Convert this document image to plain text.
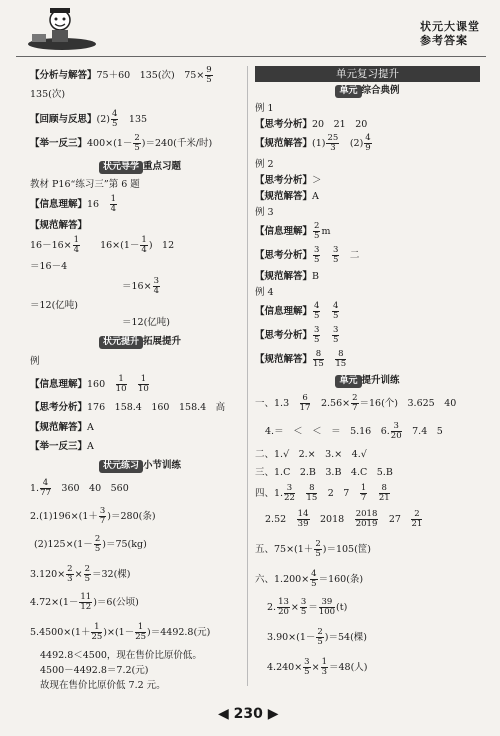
状元大课堂
参考答案
【分析与解答】75＋60　135(次)　$75\times \frac{9}{5}$
135(次)
【回顾与反思】$(2) \frac{4}{5}$
　 135
【举一反三】$400\times(1- \frac{2}{5} )=240$(千米/时)
状元导学 重点习题
教材 P16“练习三”第 6 题
【信息理解】16　 $\frac{1}{4}$
【规范解答】
$16-16\times \frac{1}{4}$
　　 $16\times(1- \frac{1}{4}$ )　12
＝16－4
$=16\times \frac{3}{4}$
＝12(亿吨)
＝12(亿吨)
状元提升 拓展提升
例
【信息理解】160　 $\frac{1}{10}$
　 $\frac{1}{10}$
【思考分析】176　158.4　160　158.4　高
【规范解答】A
【举一反三】A
状元练习 小节训练
1. $\frac{4}{77}$
　 360　40　560
$2.(1)196\times(1+ \frac{3}{7} )=280$(条)
$(2)125\times(1- \frac{2}{5} )=75(kg)$
$3.120\times \frac{2}{3} \times \frac{2}{5} =32$(棵)
$4.72\times(1- \frac{11}{12} )=6$(公顷)
$5.4500\times(1+ \frac{1}{25} )\times(1- \frac{1}{25} )=4492.8$(元)
4492.8＜4500，现在售价比原价低。
4500－4492.8＝7.2(元)
故现在售价比原价低 7.2 元。
单元复习提升
单元 综合典例
例 1
【思考分析】20　21　20
【规范解答】$(1) \frac{25}{3}$
　 $(2) \frac{4}{9}$
例 2
【思考分析】＞
【规范解答】A
例 3
【信息理解】 $\frac{2}{5}$ m
【思考分析】 $\frac{3}{5}$
　 $\frac{3}{5}$
　 二
【规范解答】B
例 4
【信息理解】 $\frac{4}{5}$
　 $\frac{4}{5}$
【思考分析】 $\frac{3}{5}$
　 $\frac{3}{5}$
【规范解答】 $\frac{8}{15}$
　 $\frac{8}{15}$
单元 提升训练
一、1.3　 $\frac{6}{17}$
　 $2.56\times \frac{2}{7} =16$(个)　3.625　40
4.＝　＜　＜　＝　5.16　6. $\frac{3}{20}$
　 7.4　5
二、1.√　2.×　3.×　4.√
三、1.C　2.B　3.B　4.C　5.B
四、1. $\frac{3}{22}$
　 $\frac{8}{15}$
　 2　7　 $\frac{1}{7}$
　 $\frac{8}{21}$
2.52　 $\frac{14}{39}$
　 2018　 $\frac{2018}{2019}$
　 27　 $\frac{2}{21}$
五、$75\times(1+ \frac{2}{5} )=105$(筐)
六、$1.200\times \frac{4}{5} =160$(条)
2. $\frac{13}{20} \times \frac{3}{5} = \frac{39}{100} (t)$
$3.90\times(1- \frac{2}{5} )=54$(棵)
$4.240\times \frac{3}{5} \times \frac{1}{3} =48$(人)
◀ 230 ▶
